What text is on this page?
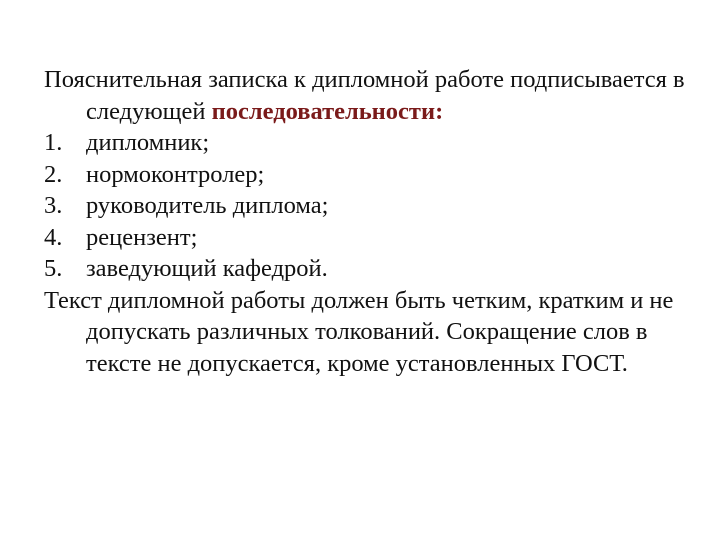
Пояснительная записка к дипломной работе подписывается в следующей последовательности:

1. дипломник;
2. нормоконтролер;
3. руководитель диплома;
4. рецензент;
5. заведующий кафедрой.

Текст дипломной работы должен быть четким, кратким и не допускать различных толкований. Сокращение слов в тексте не допускается, кроме установленных ГОСТ.
